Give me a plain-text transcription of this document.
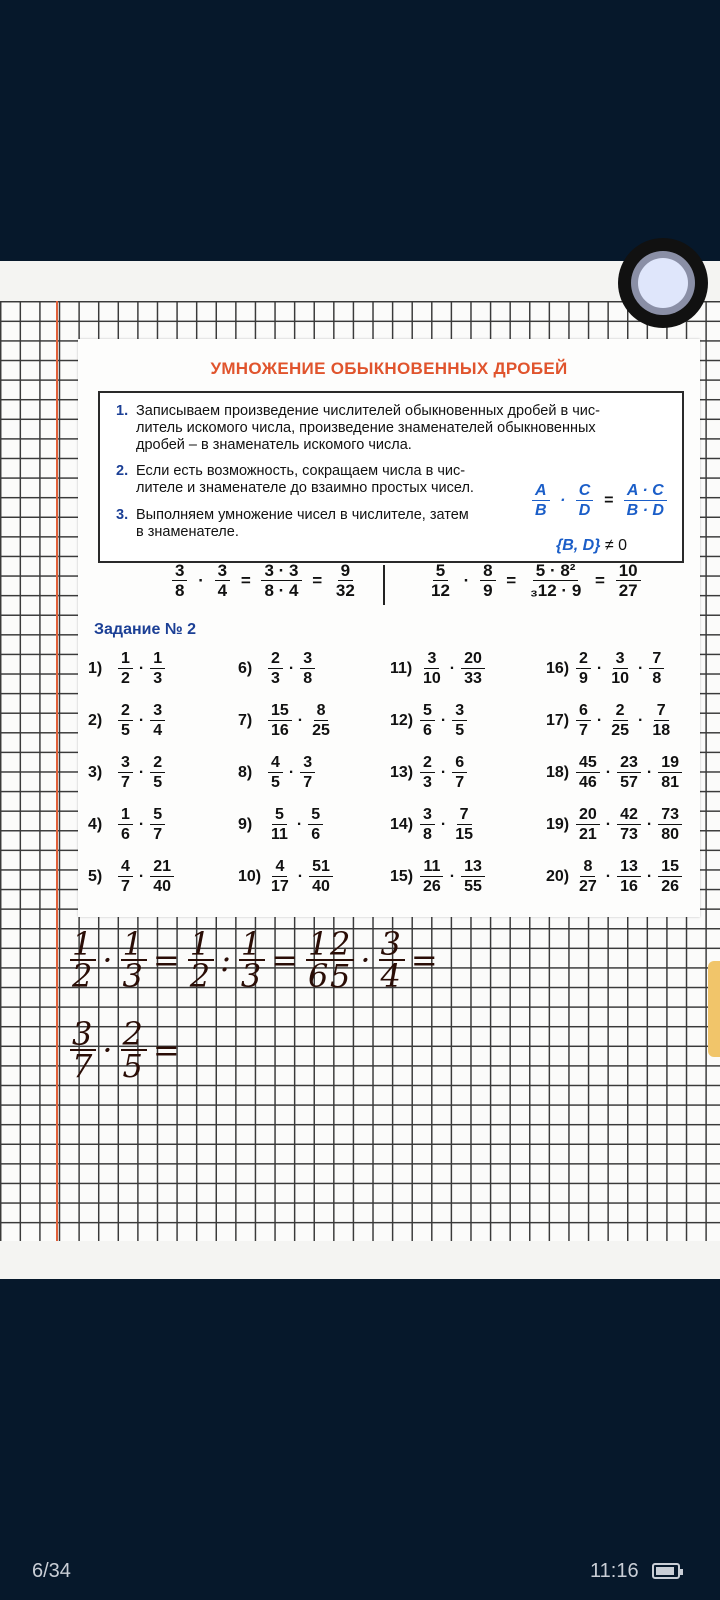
УМНОЖЕНИЕ ОБЫКНОВЕННЫХ ДРОБЕЙ
1. Записываем произведение числителей обыкновенных дробей в чис-
литель искомого числа, произведение знаменателей обыкновенных
дробей – в знаменатель искомого числа.
2. Если есть возможность, сокращаем числа в чис-
лителе и знаменателе до взаимно простых чисел.
3. Выполняем умножение чисел в числителе, затем
в знаменателе.
$\frac{A}{B} \cdot \frac{C}{D} = \frac{A \cdot C}{B \cdot D}$
{B, D} ≠ 0
$\frac{3}{8} \cdot \frac{3}{4} = \frac{3 \cdot 3}{8 \cdot 4} = \frac{9}{32}$	$\frac{5}{12} \cdot \frac{8}{9} = \frac{\text{5 · 8²}}{\text{₃12 · 9}} = \frac{10}{27}$
Задание № 2
$1) \frac{1}{2} \cdot \frac{1}{3}$
$2) \frac{2}{5} \cdot \frac{3}{4}$
$3) \frac{3}{7} \cdot \frac{2}{5}$
$4) \frac{1}{6} \cdot \frac{5}{7}$
$5) \frac{4}{7} \cdot \frac{21}{40}$
$6) \frac{2}{3} \cdot \frac{3}{8}$
$7) \frac{15}{16} \cdot \frac{8}{25}$
$8) \frac{4}{5} \cdot \frac{3}{7}$
$9) \frac{5}{11} \cdot \frac{5}{6}$
$10) \frac{4}{17} \cdot \frac{51}{40}$
$11) \frac{3}{10} \cdot \frac{20}{33}$
$12) \frac{5}{6} \cdot \frac{3}{5}$
$13) \frac{2}{3} \cdot \frac{6}{7}$
$14) \frac{3}{8} \cdot \frac{7}{15}$
$15) \frac{11}{26} \cdot \frac{13}{55}$
$16) \frac{2}{9} \cdot \frac{3}{10} \cdot \frac{7}{8}$
$17) \frac{6}{7} \cdot \frac{2}{25} \cdot \frac{7}{18}$
$18) \frac{45}{46} \cdot \frac{23}{57} \cdot \frac{19}{81}$
$19) \frac{20}{21} \cdot \frac{42}{73} \cdot \frac{73}{80}$
$20) \frac{8}{27} \cdot \frac{13}{16} \cdot \frac{15}{26}$
$\frac{1}{2} \cdot \frac{1}{3} = \frac{1}{2}$ : $\frac{1}{3} = \frac{1}{6}$
$\frac{2}{5} \cdot \frac{3}{4}$ =
$\frac{3}{7} \cdot \frac{2}{5}$ =
6/34	11:16
